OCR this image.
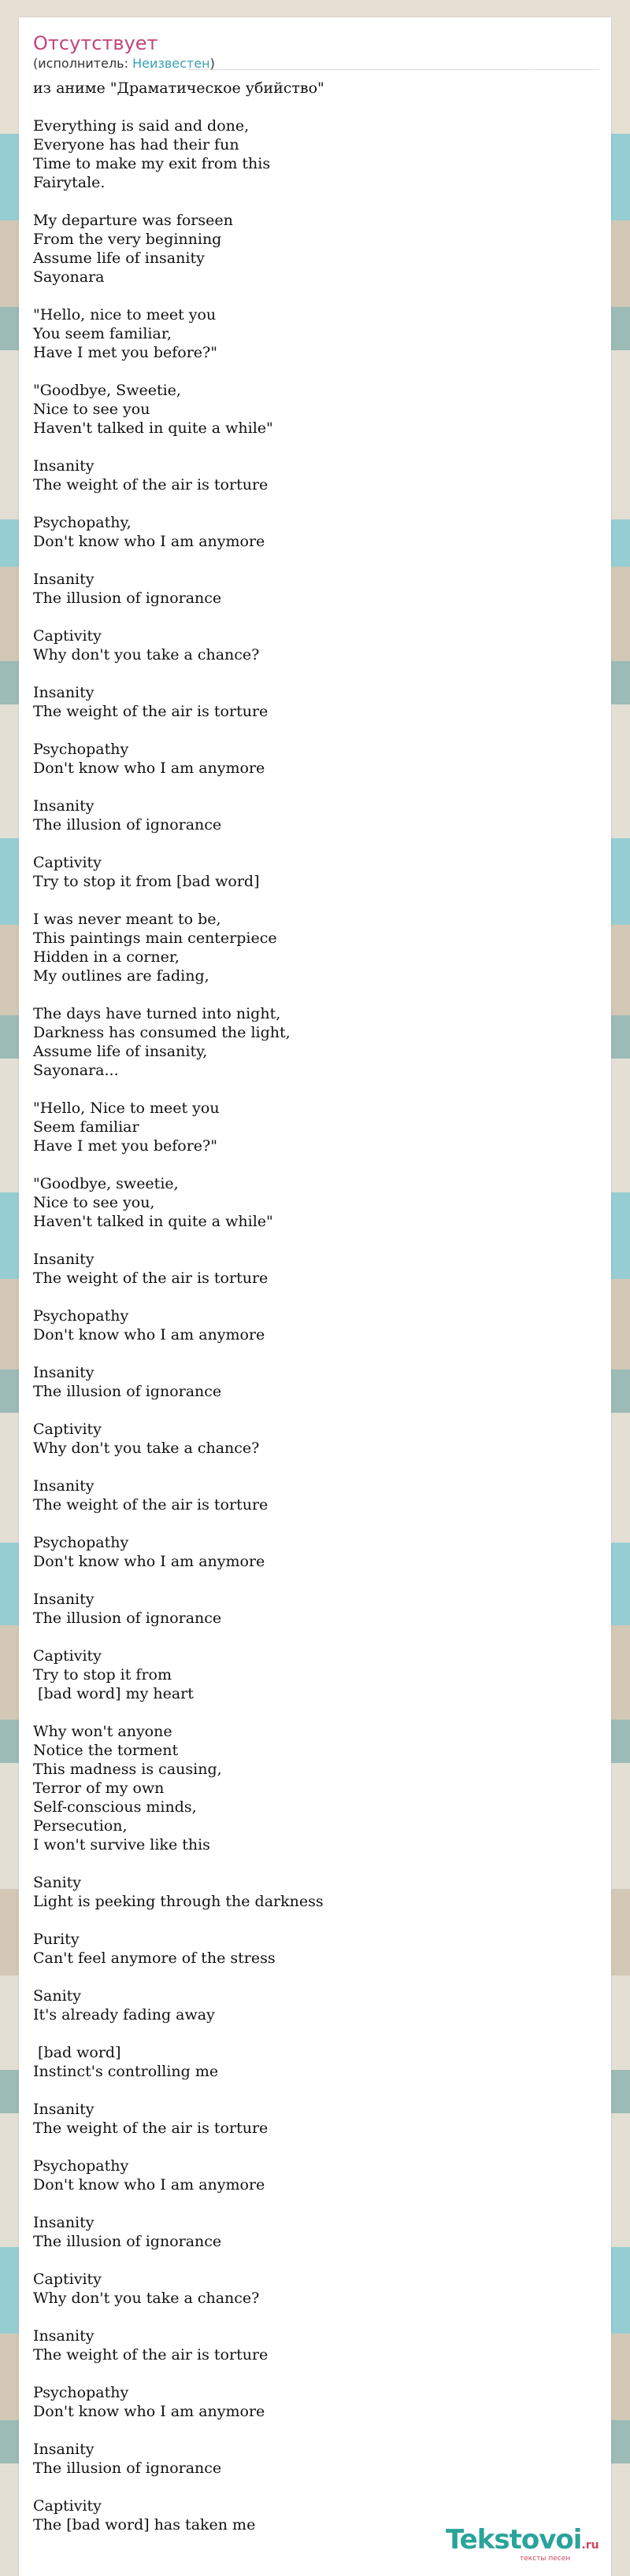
Отсутствует
(исполнитель: Неизвестен)
из аниме "Драматическое убийство"

Everything is said and done,
Everyone has had their fun
Time to make my exit from this
Fairytale.

My departure was forseen
From the very beginning
Assume life of insanity
Sayonara

"Hello, nice to meet you
You seem familiar,
Have I met you before?"

"Goodbye, Sweetie,
Nice to see you
Haven't talked in quite a while"

Insanity
The weight of the air is torture

Psychopathy,
Don't know who I am anymore

Insanity
The illusion of ignorance

Captivity
Why don't you take a chance?

Insanity
The weight of the air is torture

Psychopathy
Don't know who I am anymore

Insanity
The illusion of ignorance

Captivity
Try to stop it from [bad word]

I was never meant to be,
This paintings main centerpiece
Hidden in a corner,
My outlines are fading,

The days have turned into night,
Darkness has consumed the light,
Assume life of insanity,
Sayonara...

"Hello, Nice to meet you
Seem familiar
Have I met you before?"

"Goodbye, sweetie,
Nice to see you,
Haven't talked in quite a while"

Insanity
The weight of the air is torture

Psychopathy
Don't know who I am anymore

Insanity
The illusion of ignorance

Captivity
Why don't you take a chance?

Insanity
The weight of the air is torture

Psychopathy
Don't know who I am anymore

Insanity
The illusion of ignorance

Captivity
Try to stop it from
[bad word] my heart

Why won't anyone
Notice the torment
This madness is causing,
Terror of my own
Self-conscious minds,
Persecution,
I won't survive like this

Sanity
Light is peeking through the darkness

Purity
Can't feel anymore of the stress

Sanity
It's already fading away

[bad word]
Instinct's controlling me

Insanity
The weight of the air is torture

Psychopathy
Don't know who I am anymore

Insanity
The illusion of ignorance

Captivity
Why don't you take a chance?

Insanity
The weight of the air is torture

Psychopathy
Don't know who I am anymore

Insanity
The illusion of ignorance

Captivity
The [bad word] has taken me	Tekstovoi.ru
тексты песен
